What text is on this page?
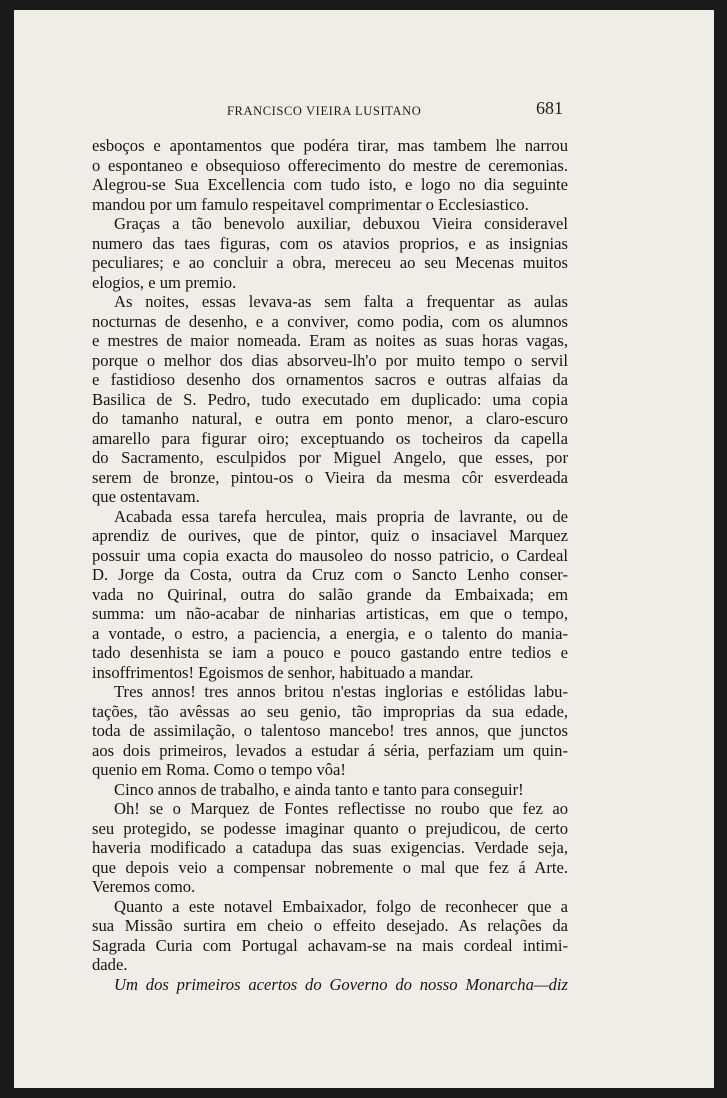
FRANCISCO VIEIRA LUSITANO	681
esboços e apontamentos que podéra tirar, mas tambem lhe narrou
o espontaneo e obsequioso offerecimento do mestre de ceremonias.
Alegrou-se Sua Excellencia com tudo isto, e logo no dia seguinte
mandou por um famulo respeitavel comprimentar o Ecclesiastico.
Graças a tão benevolo auxiliar, debuxou Vieira consideravel
numero das taes figuras, com os atavios proprios, e as insignias
peculiares; e ao concluir a obra, mereceu ao seu Mecenas muitos
elogios, e um premio.
As noites, essas levava-as sem falta a frequentar as aulas
nocturnas de desenho, e a conviver, como podia, com os alumnos
e mestres de maior nomeada. Eram as noites as suas horas vagas,
porque o melhor dos dias absorveu-lh'o por muito tempo o servil
e fastidioso desenho dos ornamentos sacros e outras alfaias da
Basilica de S. Pedro, tudo executado em duplicado: uma copia
do tamanho natural, e outra em ponto menor, a claro-escuro
amarello para figurar oiro; exceptuando os tocheiros da capella
do Sacramento, esculpidos por Miguel Angelo, que esses, por
serem de bronze, pintou-os o Vieira da mesma côr esverdeada
que ostentavam.
Acabada essa tarefa herculea, mais propria de lavrante, ou de
aprendiz de ourives, que de pintor, quiz o insaciavel Marquez
possuir uma copia exacta do mausoleo do nosso patricio, o Cardeal
D. Jorge da Costa, outra da Cruz com o Sancto Lenho conser-
vada no Quirinal, outra do salão grande da Embaixada; em
summa: um não-acabar de ninharias artisticas, em que o tempo,
a vontade, o estro, a paciencia, a energia, e o talento do mania-
tado desenhista se iam a pouco e pouco gastando entre tedios e
insoffrimentos! Egoismos de senhor, habituado a mandar.
Tres annos! tres annos britou n'estas inglorias e estólidas labu-
tações, tão avêssas ao seu genio, tão improprias da sua edade,
toda de assimilação, o talentoso mancebo! tres annos, que junctos
aos dois primeiros, levados a estudar á séria, perfaziam um quin-
quenio em Roma. Como o tempo vôa!
Cinco annos de trabalho, e ainda tanto e tanto para conseguir!
Oh! se o Marquez de Fontes reflectisse no roubo que fez ao
seu protegido, se podesse imaginar quanto o prejudicou, de certo
haveria modificado a catadupa das suas exigencias. Verdade seja,
que depois veio a compensar nobremente o mal que fez á Arte.
Veremos como.
Quanto a este notavel Embaixador, folgo de reconhecer que a
sua Missão surtira em cheio o effeito desejado. As relações da
Sagrada Curia com Portugal achavam-se na mais cordeal intimi-
dade.
Um dos primeiros acertos do Governo do nosso Monarcha—diz
